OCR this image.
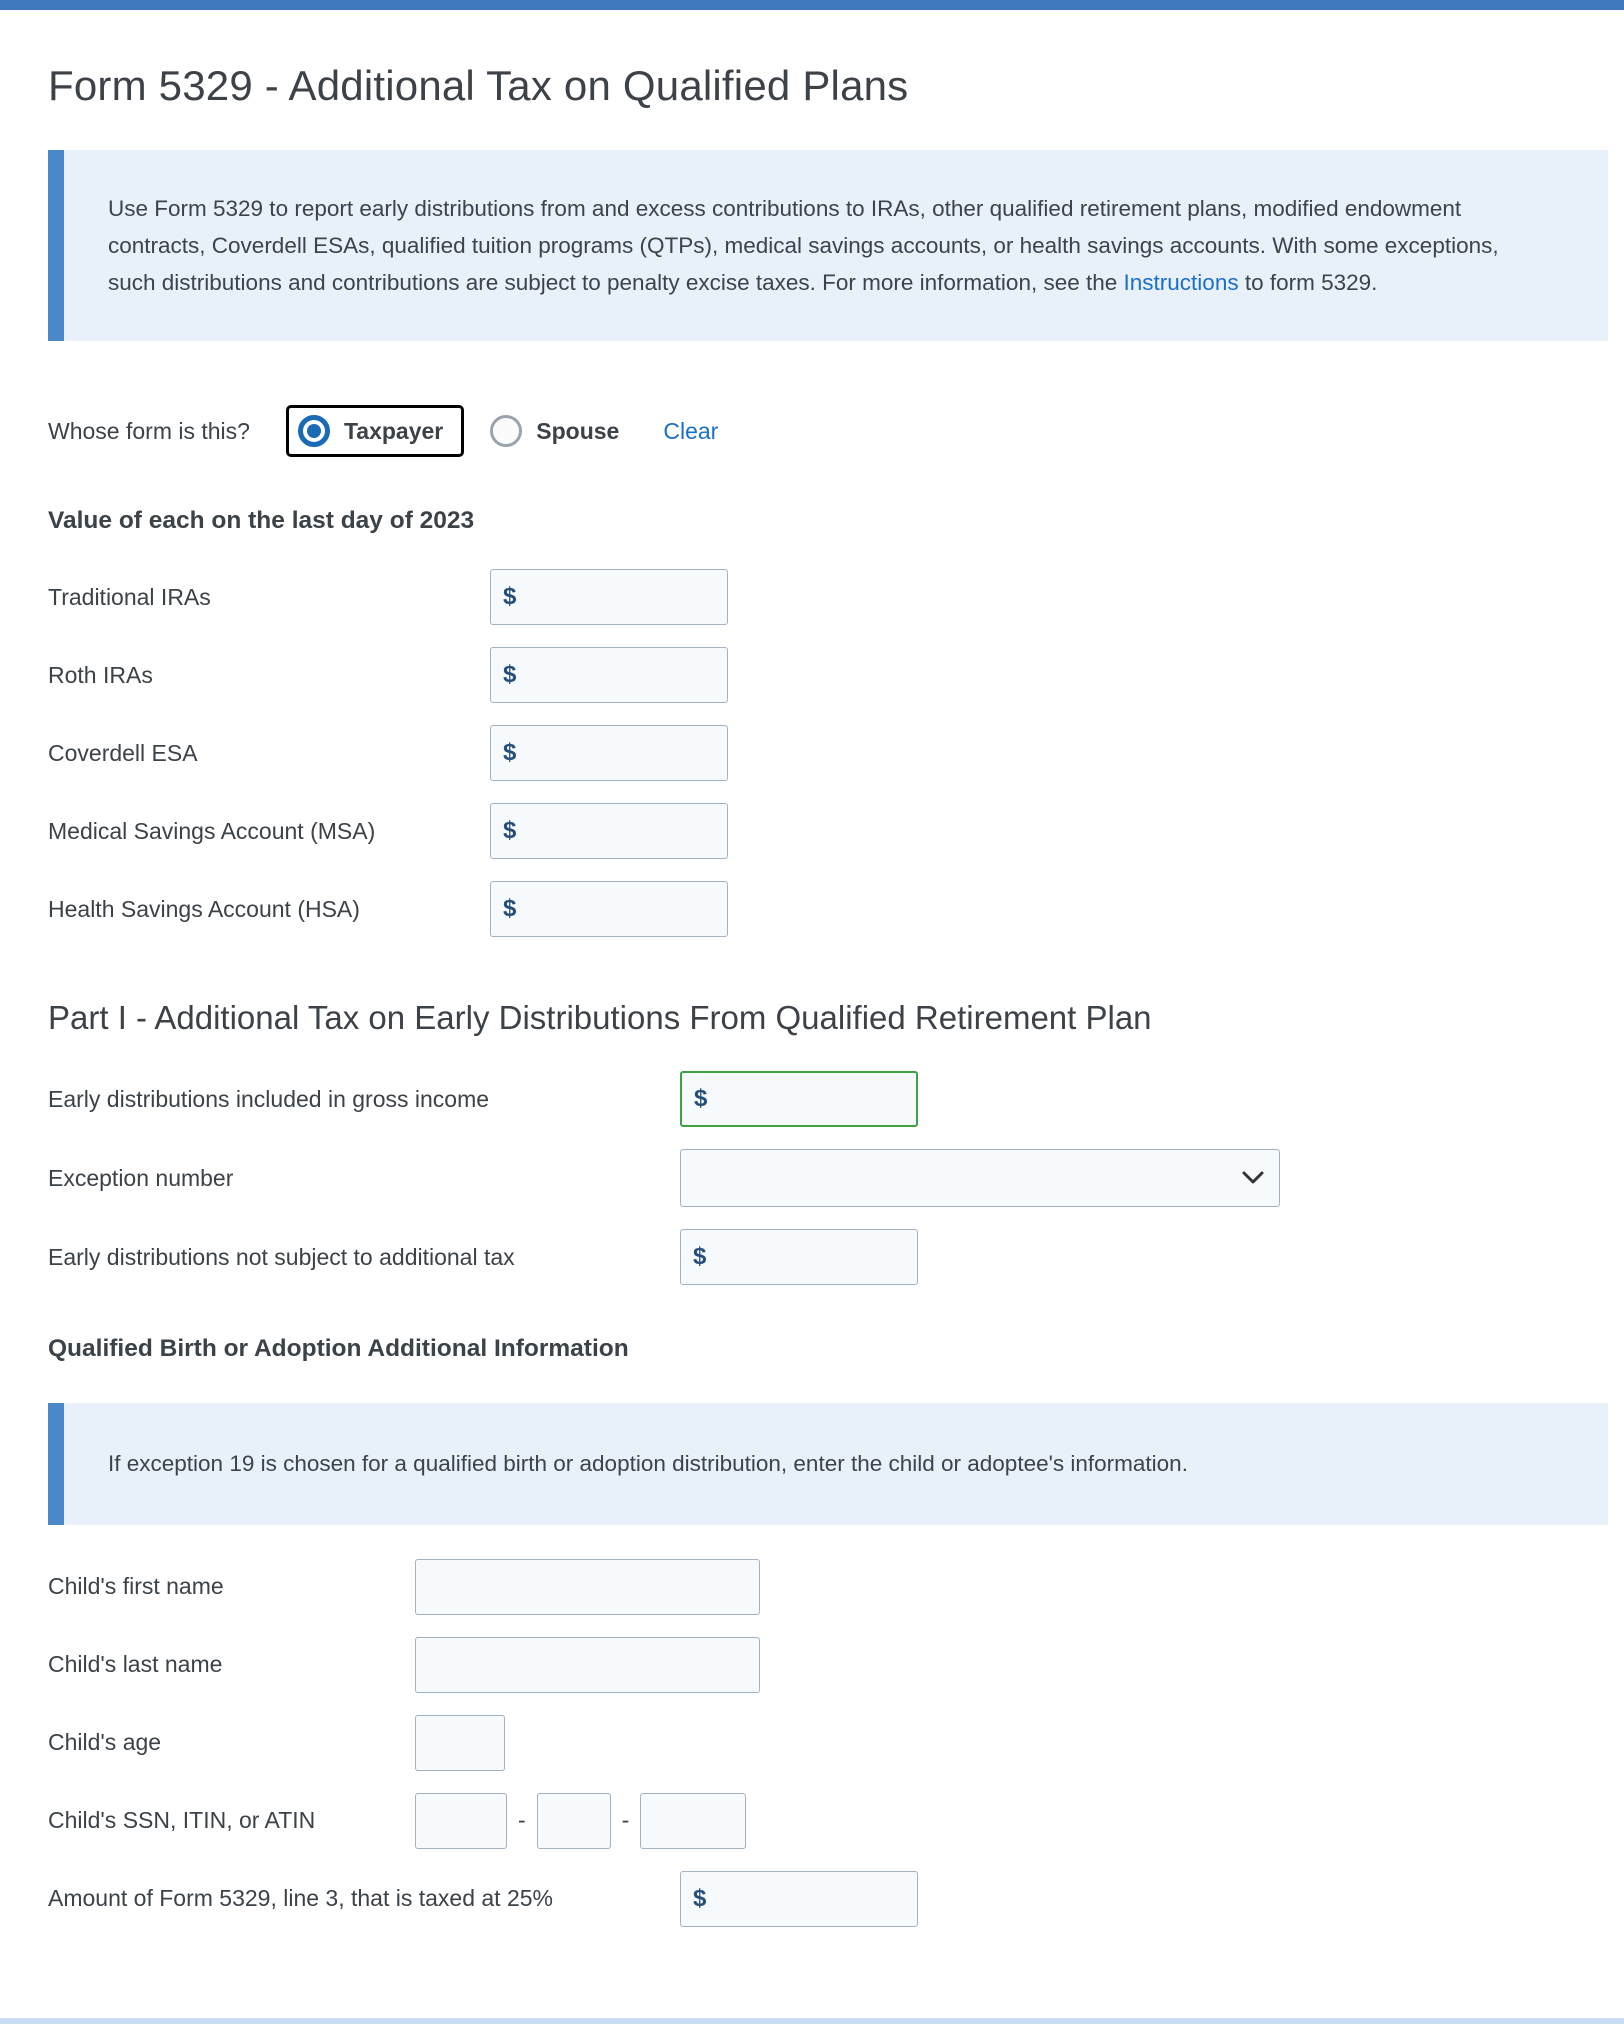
Form 5329 - Additional Tax on Qualified Plans
Use Form 5329 to report early distributions from and excess contributions to IRAs, other qualified retirement plans, modified endowment contracts, Coverdell ESAs, qualified tuition programs (QTPs), medical savings accounts, or health savings accounts. With some exceptions, such distributions and contributions are subject to penalty excise taxes. For more information, see the Instructions to form 5329.
Whose form is this?	Taxpayer	Spouse Clear
Value of each on the last day of 2023
Traditional IRAs	$
Roth IRAs	$
Coverdell ESA	$
Medical Savings Account (MSA)	$
Health Savings Account (HSA)	$
Part I - Additional Tax on Early Distributions From Qualified Retirement Plan
Early distributions included in gross income	$
Exception number
Early distributions not subject to additional tax	$
Qualified Birth or Adoption Additional Information
If exception 19 is chosen for a qualified birth or adoption distribution, enter the child or adoptee's information.
Child's first name
Child's last name
Child's age
Child's SSN, ITIN, or ATIN	-	-
Amount of Form 5329, line 3, that is taxed at 25%	$
